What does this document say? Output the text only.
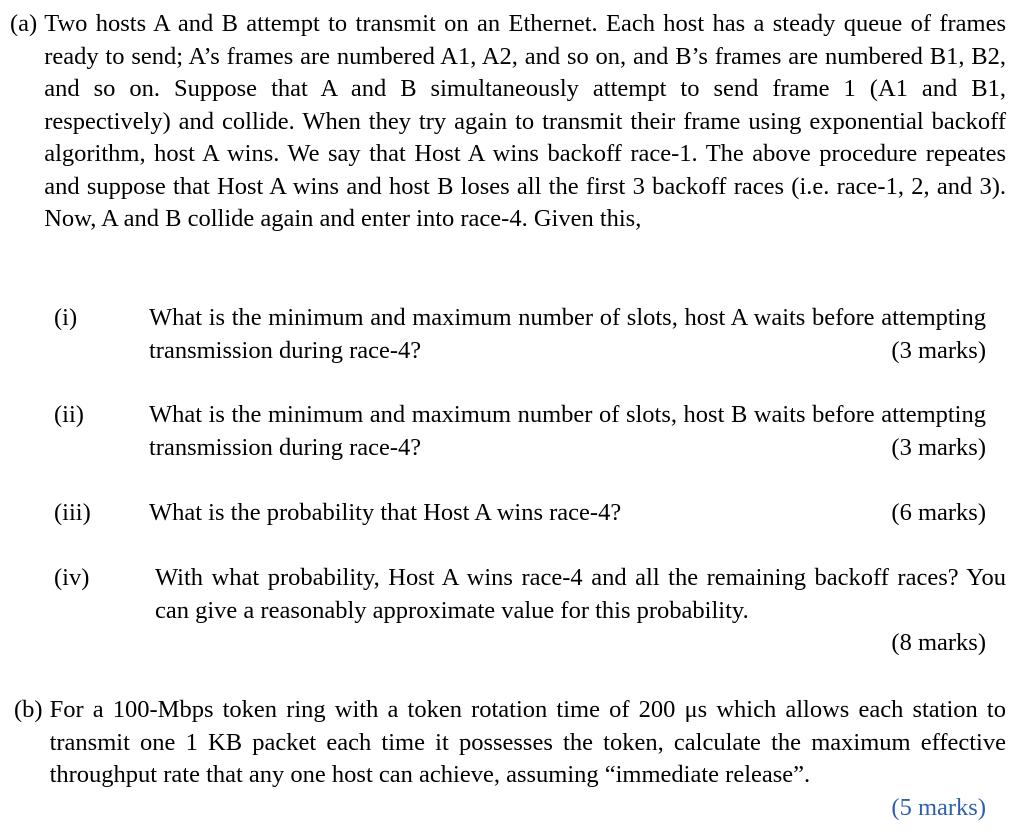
(a) Two hosts A and B attempt to transmit on an Ethernet. Each host has a steady queue of frames ready to send; A’s frames are numbered A1, A2, and so on, and B’s frames are numbered B1, B2, and so on. Suppose that A and B simultaneously attempt to send frame 1 (A1 and B1, respectively) and collide. When they try again to transmit their frame using exponential backoff algorithm, host A wins. We say that Host A wins backoff race-1. The above procedure repeates and suppose that Host A wins and host B loses all the first 3 backoff races (i.e. race-1, 2, and 3). Now, A and B collide again and enter into race-4. Given this,
(i)	What is the minimum and maximum number of slots, host A waits before attempting transmission during race-4?	(3 marks)
(ii)	What is the minimum and maximum number of slots, host B waits before attempting transmission during race-4?	(3 marks)
(iii) What is the probability that Host A wins race-4?	(6 marks)
(iv)	With what probability, Host A wins race-4 and all the remaining backoff races? You can give a reasonably approximate value for this probability.
(8 marks)
(b) For a 100-Mbps token ring with a token rotation time of 200 μs which allows each station to transmit one 1 KB packet each time it possesses the token, calculate the maximum effective throughput rate that any one host can achieve, assuming “immediate release”.
(5 marks)
